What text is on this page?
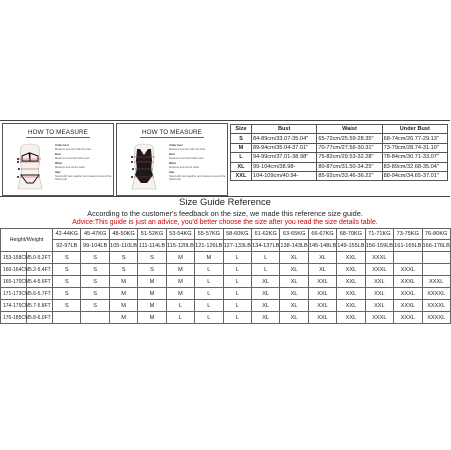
HOW TO MEASURE
Under bust
Measure around under the bust
Bust
Measure round the fullest part
Waist
Measure around the waist
Hips
Stand with feet together and measure around the fullest part
HOW TO MEASURE
Under bust
Measure around under the bust
Bust
Measure round the fullest part
Waist
Measure around the waist
Hips
Stand with feet together and measure around the fullest part
Size	Bust	Waist	Under Bust
S	84-89cm/33.07-35.04"	65-72cm/25.59-28.35"	68-74cm/26.77-29.13"
M	89-94cm/35.04-37.01"	70-77cm/27.56-30.31"	73-79cm/28.74-31.10"
L	94-99cm/37.01-38.98"	75-82cm/29.53-32.28"	78-84cm/30.71-33.07"
XL	99-104cm/38.98-	80-87cm/31.50-34.25"	83-89cm/32.68-35.04"
XXL	104-109cm/40.94-	85-92cm/33.46-36.22"	88-94cm/34.65-37.01"
Size Guide Reference
According to the customer's feedback on the size, we made this reference size guide.
Advice:This guide is just an advice, you'd better choose the size after you read the size details table.
Height/Weight		42-44KG	45-47KG	48-50KG	51-52KG	53-54KG	55-57KG	58-60KG	61-62KG	63-65KG	66-67KG	68-70KG	71-71KG	73-75KG	76-80KG
		92-97LB	99-104LB	105-110LB	111-114LB	115-120LB	121-126LB	127-133LB	134-137LB	138-143LB	145-148LB	149-155LB	156-159LB	161-165LB	166-176LB
153-158CM	5.0-5.2FT	S	S	S	S	M	M	L	L	XL	XL	XXL	XXXL		
160-164CM	5.2-5.4FT	S	S	S	S	M	L	L	L	XL	XL	XXL	XXXL	XXXL	
165-170CM	5.4-5.6FT	S	S	M	M	M	L	L	XL	XL	XXL	XXL	XXL	XXXL	XXXL
171-173CM	5.6-5.7FT	S	S	M	M	M	L	L	XL	XL	XXL	XXL	XXL	XXXL	XXXXL
174-175CM	5.7-5.8FT	S	S	M	M	L	L	L	XL	XL	XXL	XXL	XXL	XXXL	XXXXL
176-185CM	5.8-6.0FT			M	M	L	L	L	XL	XL	XXL	XXL	XXXL	XXXL	XXXXL
